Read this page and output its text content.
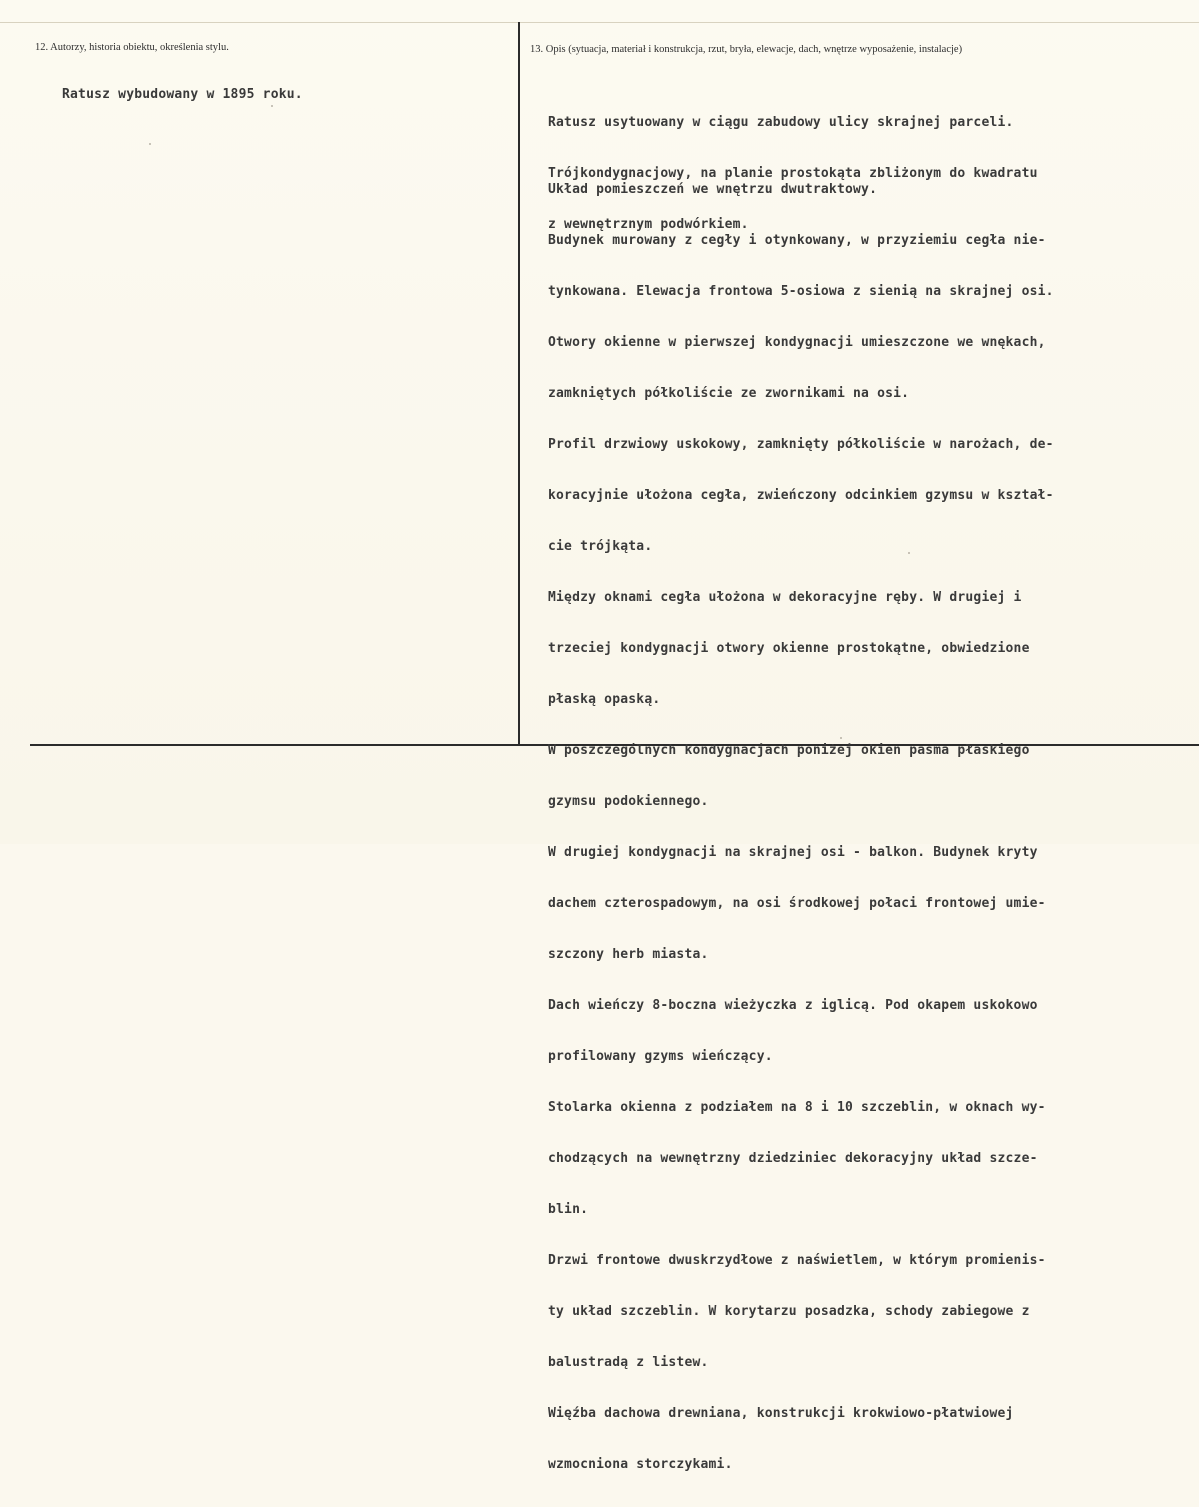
12. Autorzy, historia obiektu, określenia stylu.	13. Opis (sytuacja, materiał i konstrukcja, rzut, bryła, elewacje, dach, wnętrze wyposażenie, instalacje)
Ratusz wybudowany w 1895 roku.

Ratusz usytuowany w ciągu zabudowy ulicy skrajnej parceli.

Trójkondygnacjowy, na planie prostokąta zbliżonym do kwadratu

z wewnętrznym podwórkiem.

Układ pomieszczeń we wnętrzu dwutraktowy.

Budynek murowany z cegły i otynkowany, w przyziemiu cegła nie-

tynkowana. Elewacja frontowa 5-osiowa z sienią na skrajnej osi.

Otwory okienne w pierwszej kondygnacji umieszczone we wnękach,

zamkniętych półkoliście ze zwornikami na osi.

Profil drzwiowy uskokowy, zamknięty półkoliście w narożach, de-

koracyjnie ułożona cegła, zwieńczony odcinkiem gzymsu w kształ-

cie trójkąta.

Między oknami cegła ułożona w dekoracyjne ręby. W drugiej i

trzeciej kondygnacji otwory okienne prostokątne, obwiedzione

płaską opaską.

W poszczególnych kondygnacjach poniżej okien pasma płaskiego

gzymsu podokiennego.

W drugiej kondygnacji na skrajnej osi - balkon. Budynek kryty

dachem czterospadowym, na osi środkowej połaci frontowej umie-

szczony herb miasta.

Dach wieńczy 8-boczna wieżyczka z iglicą. Pod okapem uskokowo

profilowany gzyms wieńczący.

Stolarka okienna z podziałem na 8 i 10 szczeblin, w oknach wy-

chodzących na wewnętrzny dziedziniec dekoracyjny układ szcze-

blin.

Drzwi frontowe dwuskrzydłowe z naświetlem, w którym promienis-

ty układ szczeblin. W korytarzu posadzka, schody zabiegowe z

balustradą z listew.

Więźba dachowa drewniana, konstrukcji krokwiowo-płatwiowej

wzmocniona storczykami.
